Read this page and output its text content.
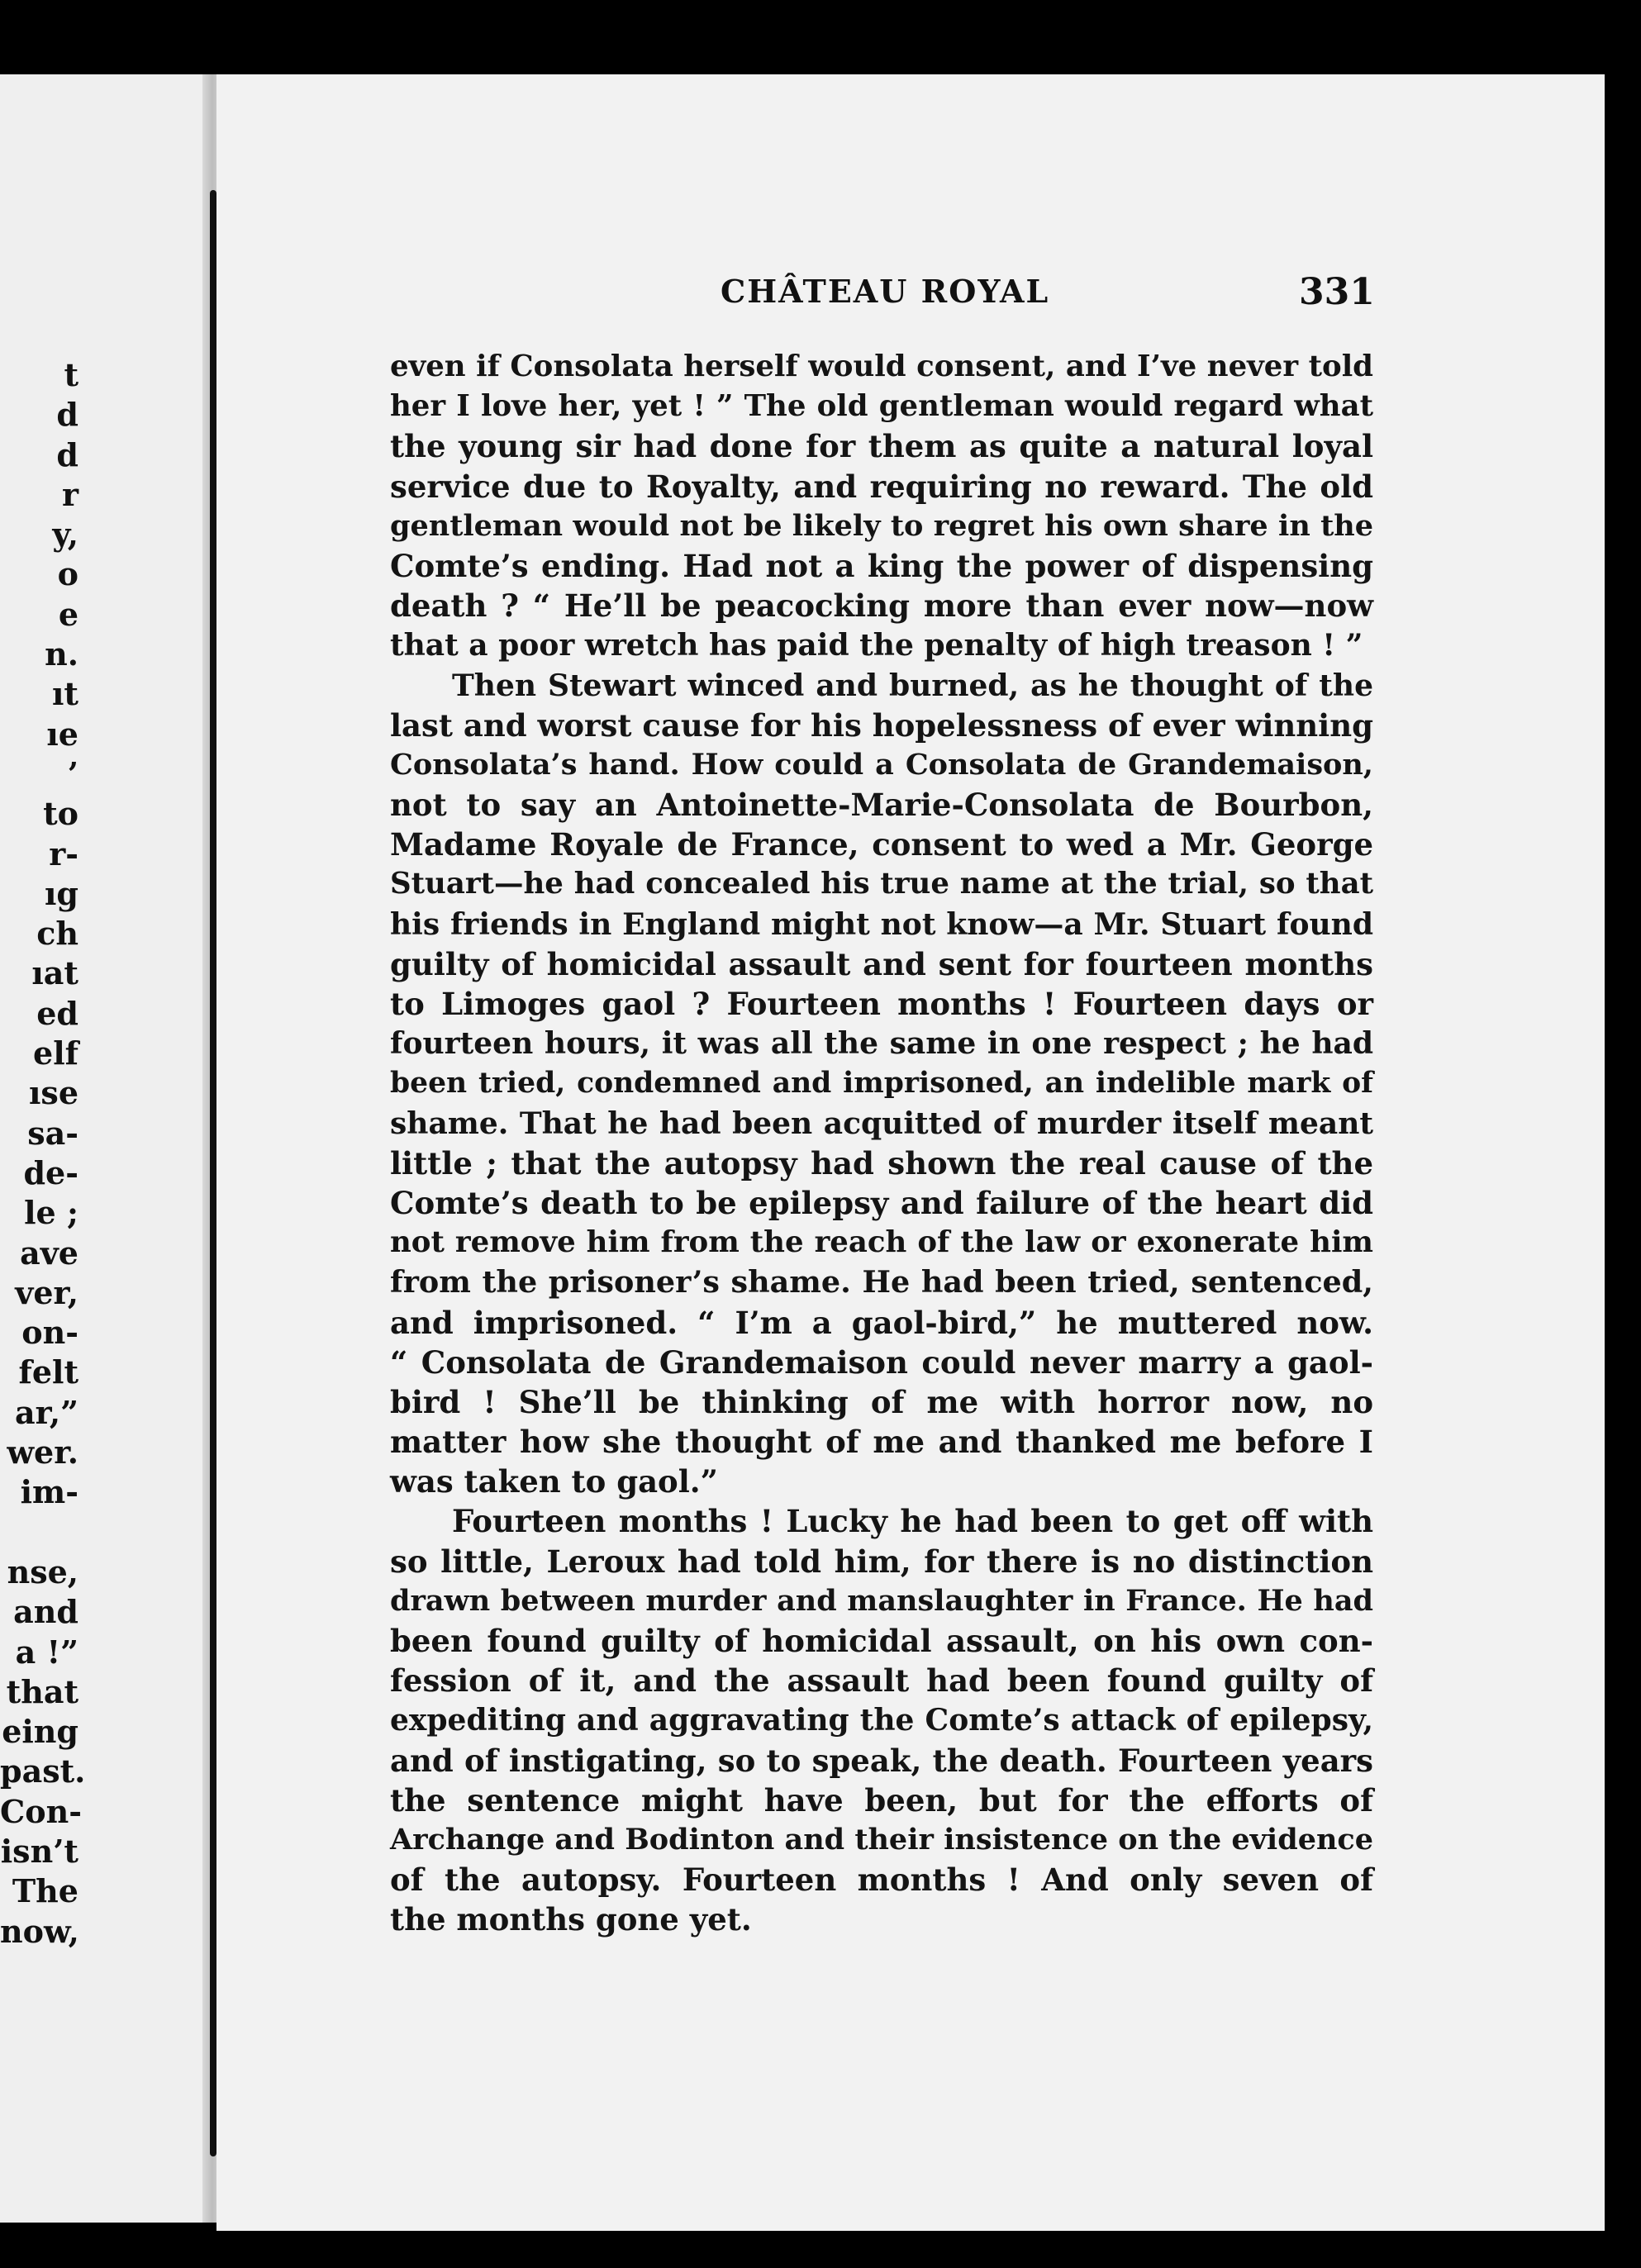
t
d
d
r
y,
o
e
n.
ıt
ıe
’
to
r-
ıg
ch
ıat
ed
elf
ıse
sa-
de-
le ;
ave
ver,
on-
felt
ar,”
wer.
im-
nse,
and
a !”
that
eing
past.
Con-
isn’t
The
now,
CHÂTEAU ROYAL	331
even if Consolata herself would consent, and I’ve never told
her I love her, yet ! ” The old gentleman would regard what
the young sir had done for them as quite a natural loyal
service due to Royalty, and requiring no reward. The old
gentleman would not be likely to regret his own share in the
Comte’s ending. Had not a king the power of dispensing
death ? “ He’ll be peacocking more than ever now—now
that a poor wretch has paid the penalty of high treason ! ”
Then Stewart winced and burned, as he thought of the
last and worst cause for his hopelessness of ever winning
Consolata’s hand. How could a Consolata de Grandemaison,
not to say an Antoinette-Marie-Consolata de Bourbon,
Madame Royale de France, consent to wed a Mr. George
Stuart—he had concealed his true name at the trial, so that
his friends in England might not know—a Mr. Stuart found
guilty of homicidal assault and sent for fourteen months
to Limoges gaol ? Fourteen months ! Fourteen days or
fourteen hours, it was all the same in one respect ; he had
been tried, condemned and imprisoned, an indelible mark of
shame. That he had been acquitted of murder itself meant
little ; that the autopsy had shown the real cause of the
Comte’s death to be epilepsy and failure of the heart did
not remove him from the reach of the law or exonerate him
from the prisoner’s shame. He had been tried, sentenced,
and imprisoned. “ I’m a gaol-bird,” he muttered now.
“ Consolata de Grandemaison could never marry a gaol-
bird ! She’ll be thinking of me with horror now, no
matter how she thought of me and thanked me before I
was taken to gaol.”
Fourteen months ! Lucky he had been to get off with
so little, Leroux had told him, for there is no distinction
drawn between murder and manslaughter in France. He had
been found guilty of homicidal assault, on his own con-
fession of it, and the assault had been found guilty of
expediting and aggravating the Comte’s attack of epilepsy,
and of instigating, so to speak, the death. Fourteen years
the sentence might have been, but for the efforts of
Archange and Bodinton and their insistence on the evidence
of the autopsy. Fourteen months ! And only seven of
the months gone yet.
